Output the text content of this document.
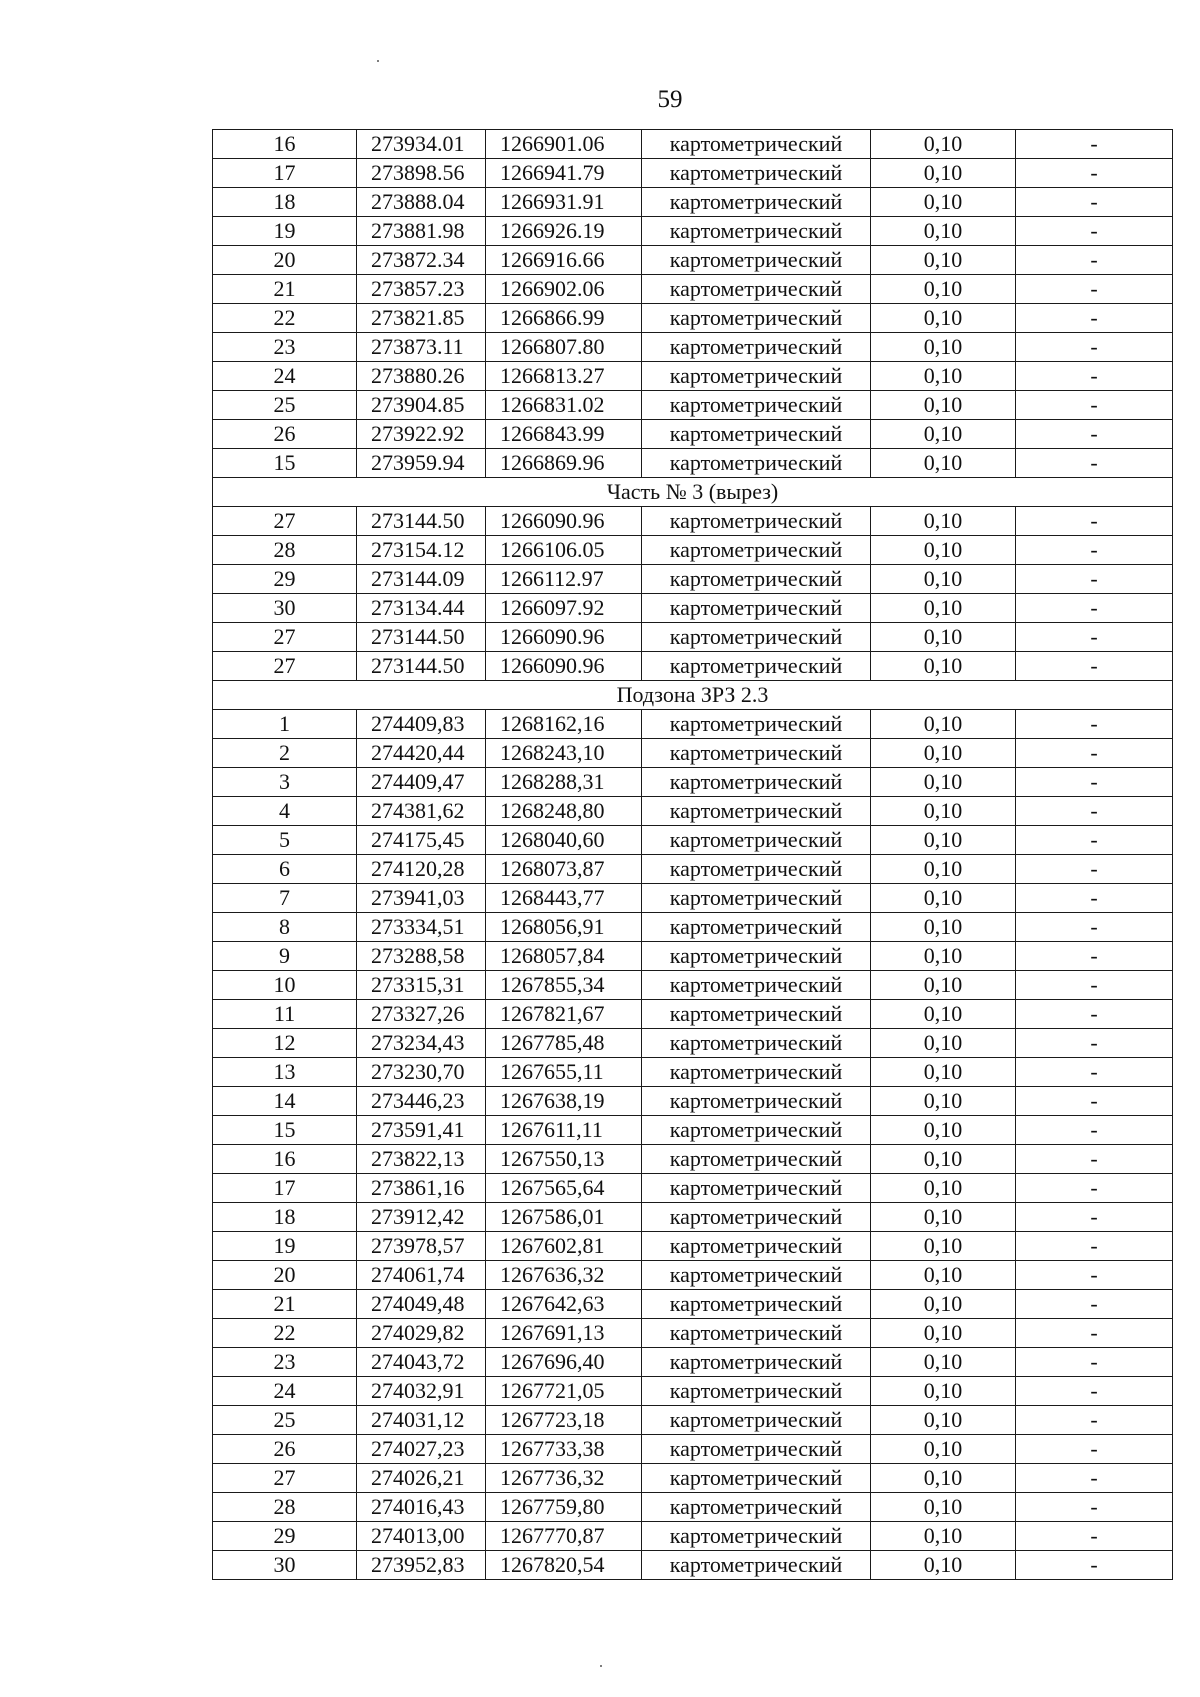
59
16	273934.01	1266901.06	картометрический	0,10	-
17	273898.56	1266941.79	картометрический	0,10	-
18	273888.04	1266931.91	картометрический	0,10	-
19	273881.98	1266926.19	картометрический	0,10	-
20	273872.34	1266916.66	картометрический	0,10	-
21	273857.23	1266902.06	картометрический	0,10	-
22	273821.85	1266866.99	картометрический	0,10	-
23	273873.11	1266807.80	картометрический	0,10	-
24	273880.26	1266813.27	картометрический	0,10	-
25	273904.85	1266831.02	картометрический	0,10	-
26	273922.92	1266843.99	картометрический	0,10	-
15	273959.94	1266869.96	картометрический	0,10	-
Часть № 3 (вырез)					
27	273144.50	1266090.96	картометрический	0,10	-
28	273154.12	1266106.05	картометрический	0,10	-
29	273144.09	1266112.97	картометрический	0,10	-
30	273134.44	1266097.92	картометрический	0,10	-
27	273144.50	1266090.96	картометрический	0,10	-
27	273144.50	1266090.96	картометрический	0,10	-
Подзона ЗРЗ 2.3					
1	274409,83	1268162,16	картометрический	0,10	-
2	274420,44	1268243,10	картометрический	0,10	-
3	274409,47	1268288,31	картометрический	0,10	-
4	274381,62	1268248,80	картометрический	0,10	-
5	274175,45	1268040,60	картометрический	0,10	-
6	274120,28	1268073,87	картометрический	0,10	-
7	273941,03	1268443,77	картометрический	0,10	-
8	273334,51	1268056,91	картометрический	0,10	-
9	273288,58	1268057,84	картометрический	0,10	-
10	273315,31	1267855,34	картометрический	0,10	-
11	273327,26	1267821,67	картометрический	0,10	-
12	273234,43	1267785,48	картометрический	0,10	-
13	273230,70	1267655,11	картометрический	0,10	-
14	273446,23	1267638,19	картометрический	0,10	-
15	273591,41	1267611,11	картометрический	0,10	-
16	273822,13	1267550,13	картометрический	0,10	-
17	273861,16	1267565,64	картометрический	0,10	-
18	273912,42	1267586,01	картометрический	0,10	-
19	273978,57	1267602,81	картометрический	0,10	-
20	274061,74	1267636,32	картометрический	0,10	-
21	274049,48	1267642,63	картометрический	0,10	-
22	274029,82	1267691,13	картометрический	0,10	-
23	274043,72	1267696,40	картометрический	0,10	-
24	274032,91	1267721,05	картометрический	0,10	-
25	274031,12	1267723,18	картометрический	0,10	-
26	274027,23	1267733,38	картометрический	0,10	-
27	274026,21	1267736,32	картометрический	0,10	-
28	274016,43	1267759,80	картометрический	0,10	-
29	274013,00	1267770,87	картометрический	0,10	-
30	273952,83	1267820,54	картометрический	0,10	-
